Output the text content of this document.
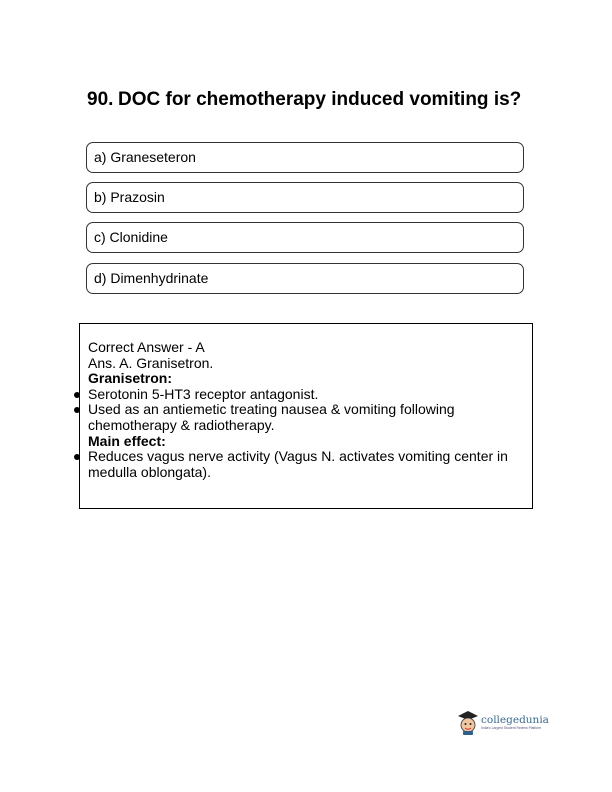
90. DOC for chemotherapy induced vomiting is?
a) Graneseteron
b) Prazosin
c) Clonidine
d) Dimenhydrinate

Correct Answer - A

Ans. A. Granisetron.

Granisetron:

Serotonin 5-HT3 receptor antagonist.
Used as an antiemetic treating nausea & vomiting following chemotherapy & radiotherapy.

Main effect:

Reduces vagus nerve activity (Vagus N. activates vomiting center in medulla oblongata).
collegedunia
India's Largest Student Review Platform
